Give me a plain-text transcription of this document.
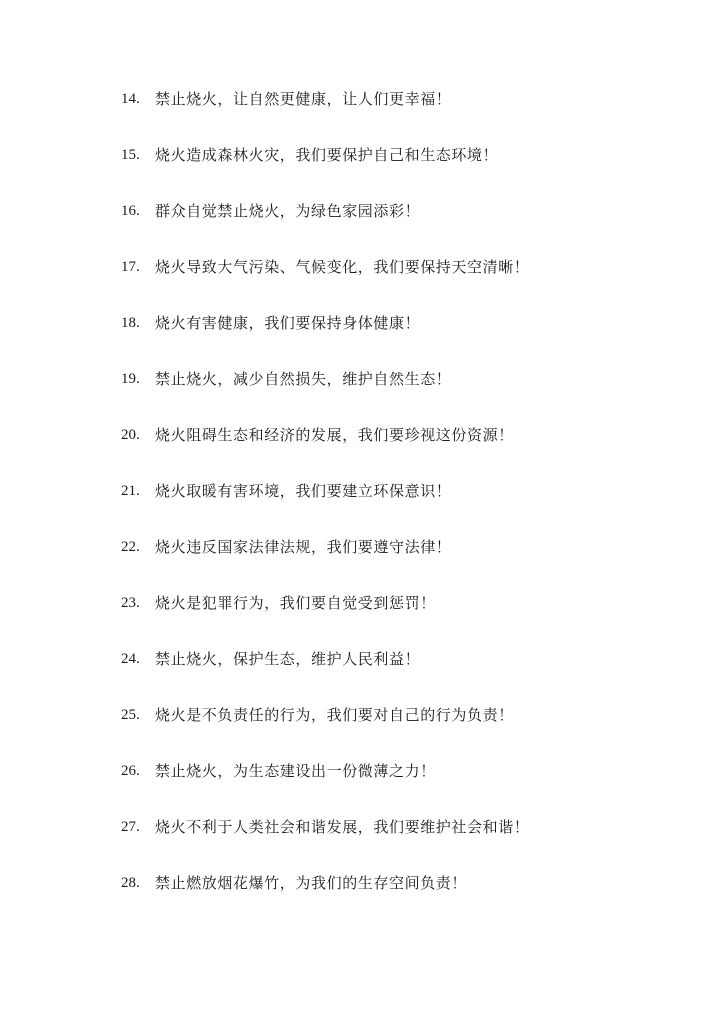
14.	禁止烧火，让自然更健康，让人们更幸福！
15.	烧火造成森林火灾，我们要保护自己和生态环境！
16.	群众自觉禁止烧火，为绿色家园添彩！
17.	烧火导致大气污染、气候变化，我们要保持天空清晰！
18.	烧火有害健康，我们要保持身体健康！
19.	禁止烧火，减少自然损失，维护自然生态！
20.	烧火阻碍生态和经济的发展，我们要珍视这份资源！
21.	烧火取暖有害环境，我们要建立环保意识！
22.	烧火违反国家法律法规，我们要遵守法律！
23.	烧火是犯罪行为，我们要自觉受到惩罚！
24.	禁止烧火，保护生态，维护人民利益！
25.	烧火是不负责任的行为，我们要对自己的行为负责！
26.	禁止烧火，为生态建设出一份微薄之力！
27.	烧火不利于人类社会和谐发展，我们要维护社会和谐！
28.	禁止燃放烟花爆竹，为我们的生存空间负责！
